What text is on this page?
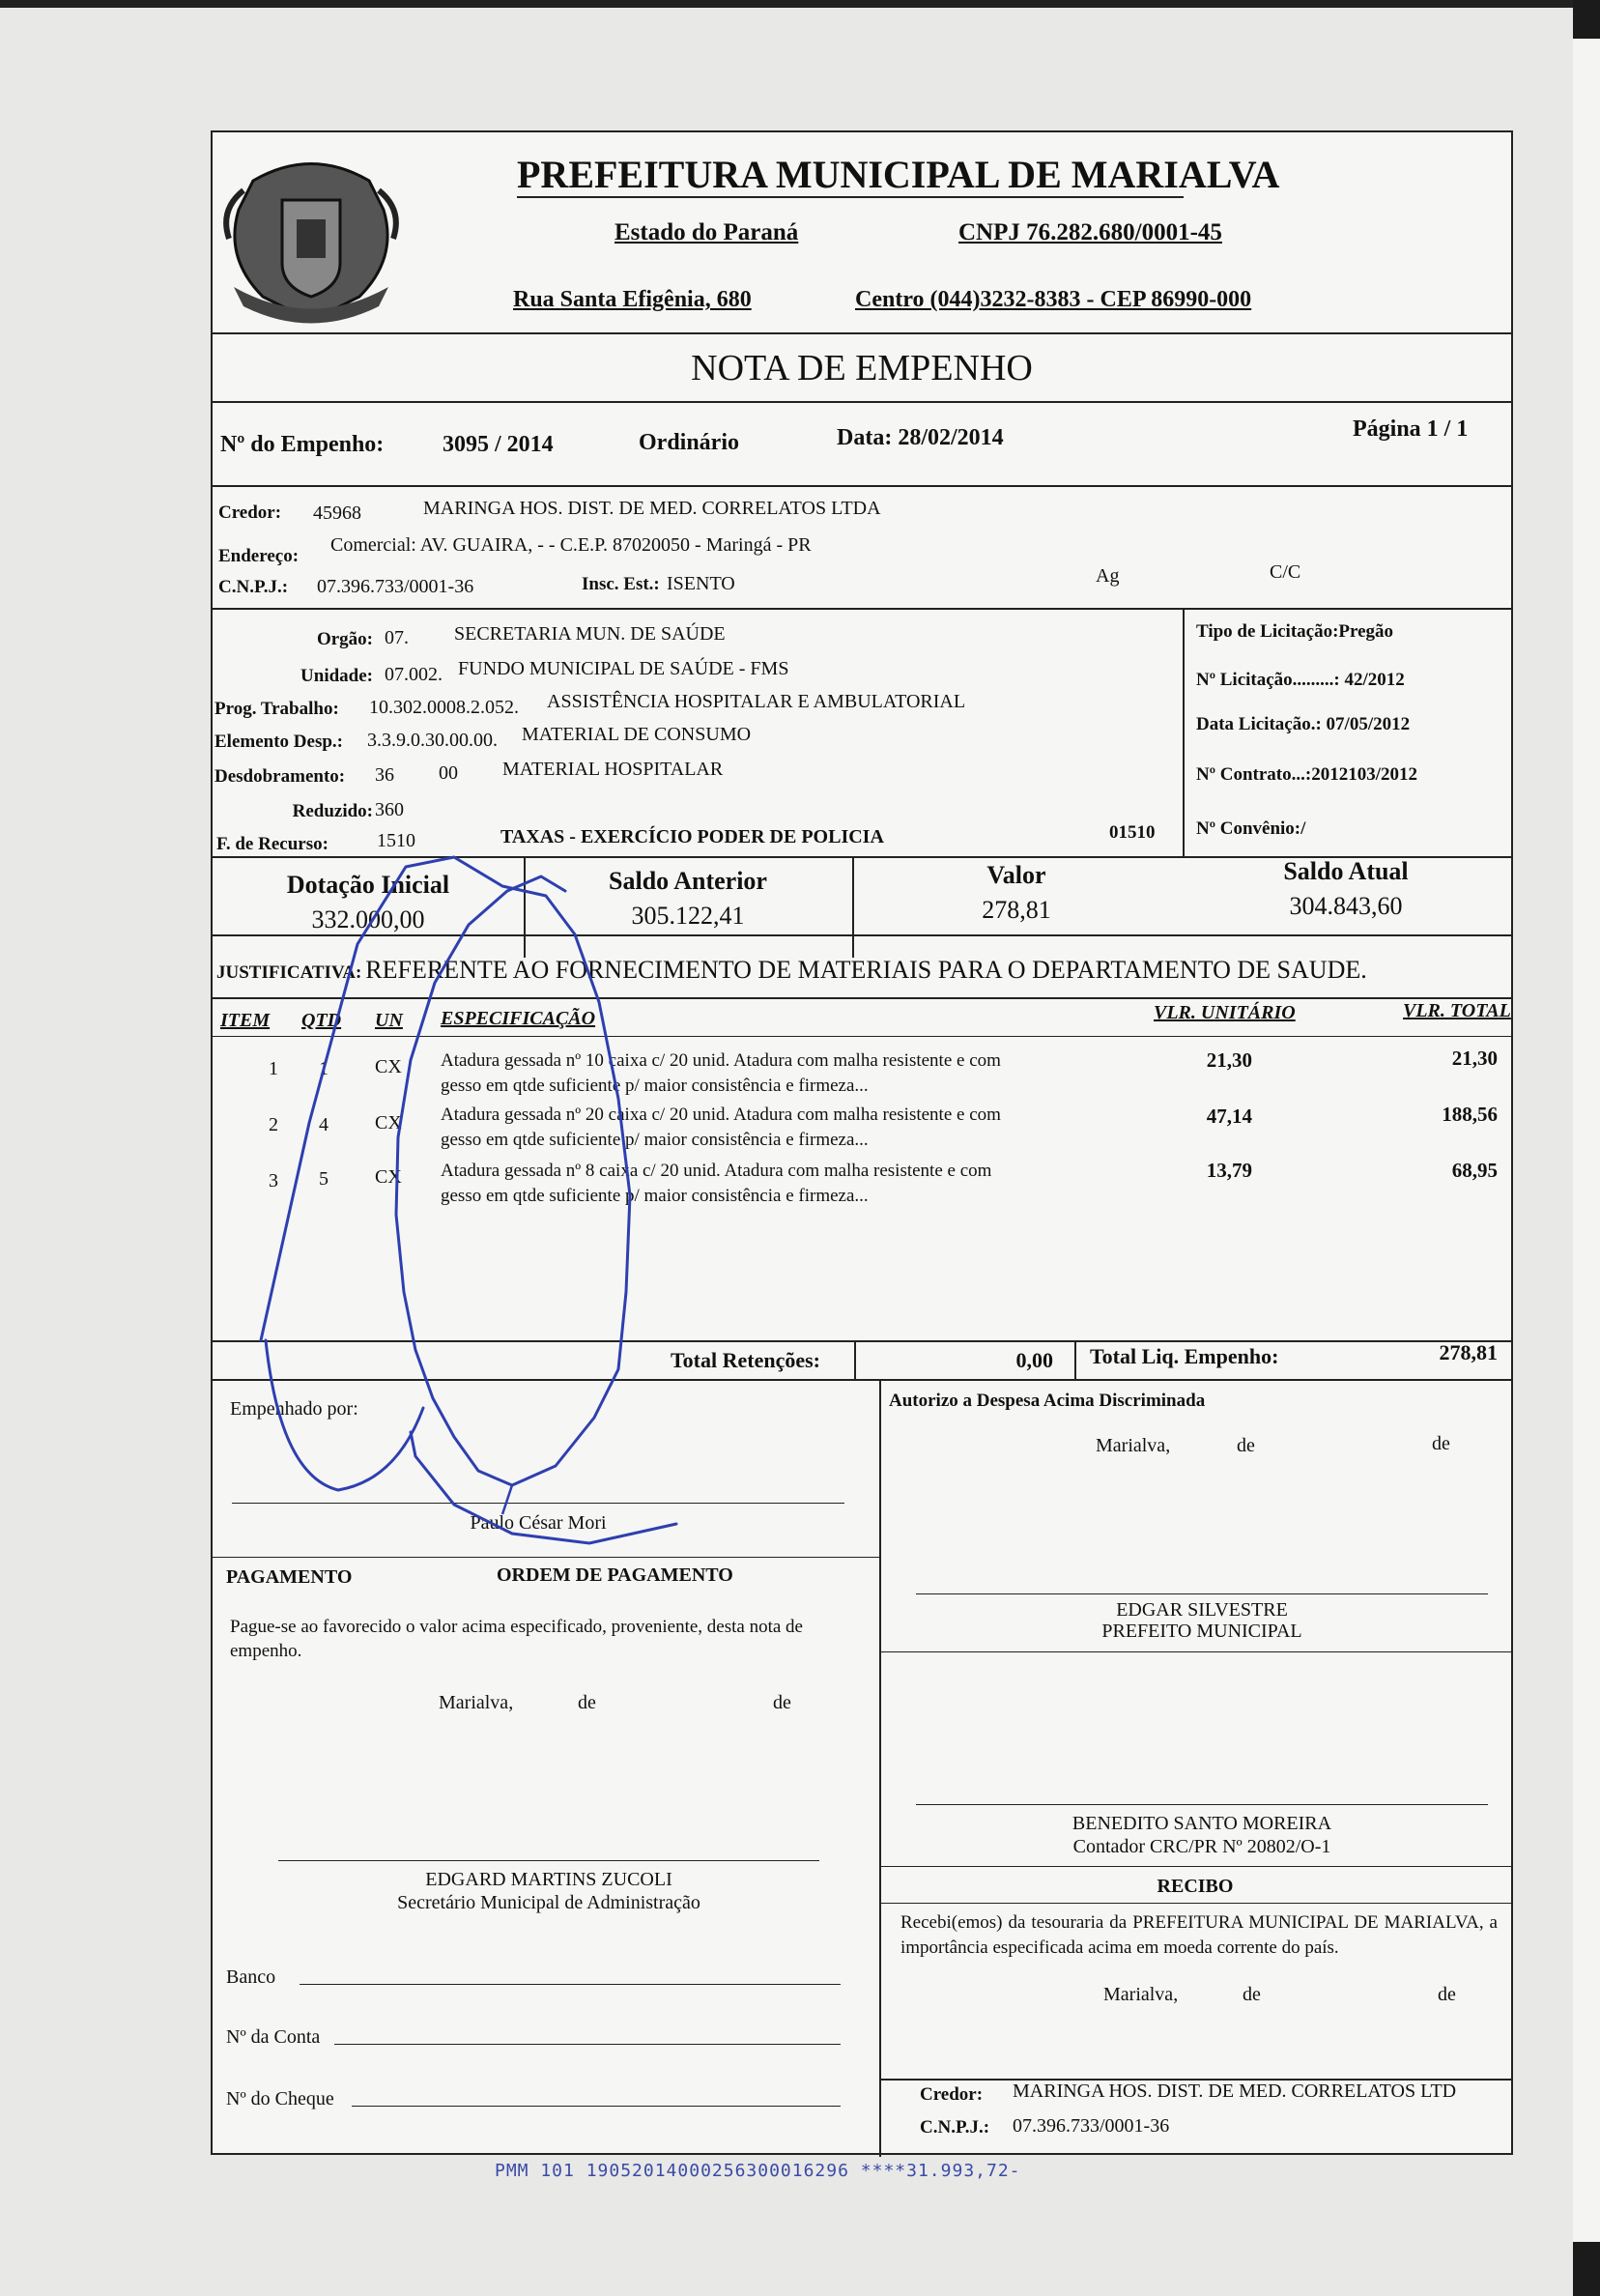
PREFEITURA MUNICIPAL DE MARIALVA
Estado do Paraná	CNPJ 76.282.680/0001-45
Rua Santa Efigênia, 680	Centro (044)3232-8383 - CEP 86990-000
NOTA DE EMPENHO
Nº do Empenho:	3095 / 2014	Ordinário	Data: 28/02/2014	Página 1 / 1
Credor: 45968	MARINGA HOS. DIST. DE MED. CORRELATOS LTDA
Endereço:
Comercial: AV. GUAIRA, - - C.E.P. 87020050 - Maringá - PR
C.N.P.J.: 07.396.733/0001-36	Insc. Est.: ISENTO	Ag	C/C
Orgão: 07. SECRETARIA MUN. DE SAÚDE
Unidade: 07.002. FUNDO MUNICIPAL DE SAÚDE - FMS
Prog. Trabalho: 10.302.0008.2.052. ASSISTÊNCIA HOSPITALAR E AMBULATORIAL
Elemento Desp.: 3.3.9.0.30.00.00. MATERIAL DE CONSUMO
Desdobramento: 36 00 MATERIAL HOSPITALAR
Reduzido: 360
F. de Recurso:	1510	TAXAS - EXERCÍCIO PODER DE POLICIA	01510
Tipo de Licitação:Pregão
Nº Licitação.........: 42/2012
Data Licitação.: 07/05/2012
Nº Contrato...:2012103/2012
Nº Convênio:/
Dotação Inicial
332.000,00
Saldo Anterior
305.122,41
Valor
278,81
Saldo Atual
304.843,60
JUSTIFICATIVA: REFERENTE AO FORNECIMENTO DE MATERIAIS PARA O DEPARTAMENTO DE SAUDE.
ITEM QTD UN ESPECIFICAÇÃO	VLR. UNITÁRIO	VLR. TOTAL
1 1 CX Atadura gessada nº 10 caixa c/ 20 unid. Atadura com malha resistente e com
gesso em qtde suficiente p/ maior consistência e firmeza...
21,30	21,30
2 4 CX Atadura gessada nº 20 caixa c/ 20 unid. Atadura com malha resistente e com
gesso em qtde suficiente p/ maior consistência e firmeza...
47,14	188,56
3 5 CX Atadura gessada nº 8 caixa c/ 20 unid. Atadura com malha resistente e com
gesso em qtde suficiente p/ maior consistência e firmeza...
13,79	68,95
Total Retenções:	0,00 Total Liq. Empenho:	278,81
Empenhado por:
Paulo César Mori
Autorizo a Despesa Acima Discriminada
Marialva,	de	de
PAGAMENTO	ORDEM DE PAGAMENTO
Pague-se ao favorecido o valor acima especificado, proveniente, desta nota de empenho.
Marialva,	de	de
EDGAR SILVESTRE
PREFEITO MUNICIPAL
BENEDITO SANTO MOREIRA
Contador CRC/PR Nº 20802/O-1
EDGARD MARTINS ZUCOLI
Secretário Municipal de Administração
RECIBO
Recebi(emos) da tesouraria da PREFEITURA MUNICIPAL DE MARIALVA, a importância especificada acima em moeda corrente do país.
Marialva,	de	de
Banco
Nº da Conta
Nº do Cheque	Credor: MARINGA HOS. DIST. DE MED. CORRELATOS LTD
C.N.P.J.: 07.396.733/0001-36
PMM 101 19052014000256300016296 ****31.993,72-
